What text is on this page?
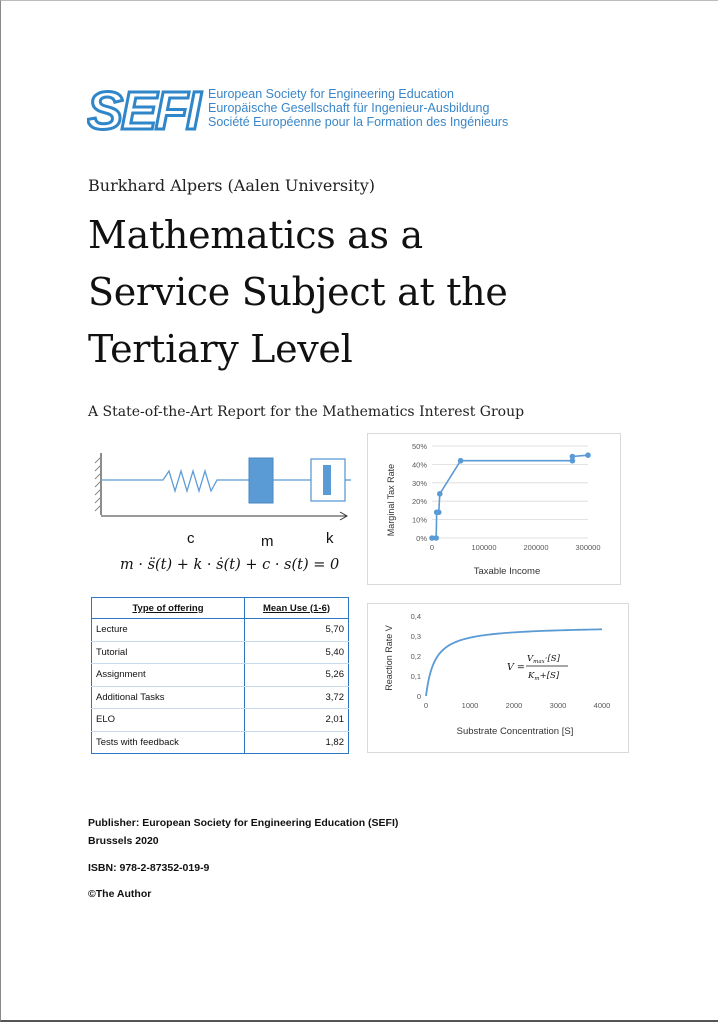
SEFI European Society for Engineering Education
Europäische Gesellschaft für Ingenieur-Ausbildung
Société Européenne pour la Formation des Ingénieurs
Burkhard Alpers (Aalen University)
Mathematics as a
Service Subject at the
Tertiary Level
A State-of-the-Art Report for the Mathematics Interest Group
c	m	k
m · s̈(t) + k · ṡ(t) + c · s(t) = 0
0%
10%
20%
30%
40%
50%
0	100000	200000	300000
Taxable Income
Marginal Tax Rate
Type of offering	Mean Use (1-6)
Lecture	5,70
Tutorial	5,40
Assignment	5,26
Additional Tasks	3,72
ELO	2,01
Tests with feedback	1,82
0
0,1
0,2
0,3
0,4
0	1000	2000	3000	4000
Substrate Concentration [S]
Reaction Rate V	V =
$V_{max}\cdot[S]$
$K_m+[S]$
Publisher: European Society for Engineering Education (SEFI)
Brussels 2020
ISBN: 978-2-87352-019-9
©The Author
